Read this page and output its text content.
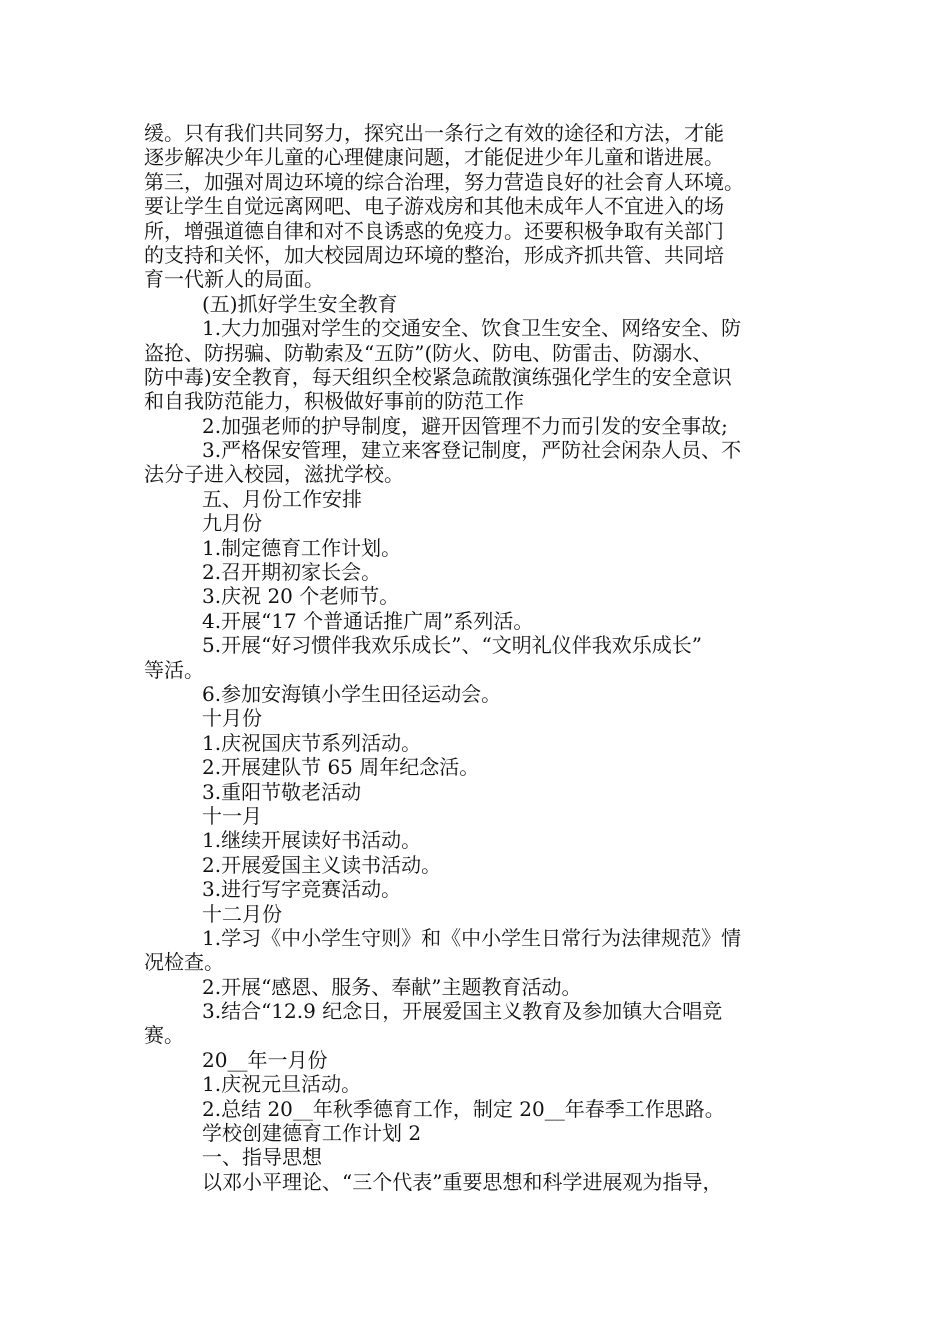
缓。只有我们共同努力，探究出一条行之有效的途径和方法，才能
逐步解决少年儿童的心理健康问题，才能促进少年儿童和谐进展。
第三，加强对周边环境的综合治理，努力营造良好的社会育人环境。
要让学生自觉远离网吧、电子游戏房和其他未成年人不宜进入的场
所，增强道德自律和对不良诱惑的免疫力。还要积极争取有关部门
的支持和关怀，加大校园周边环境的整治，形成齐抓共管、共同培
育一代新人的局面。
(五)抓好学生安全教育
1.大力加强对学生的交通安全、饮食卫生安全、网络安全、防
盗抢、防拐骗、防勒索及“五防”(防火、防电、防雷击、防溺水、
防中毒)安全教育，每天组织全校紧急疏散演练强化学生的安全意识
和自我防范能力，积极做好事前的防范工作
2.加强老师的护导制度，避开因管理不力而引发的安全事故;
3.严格保安管理，建立来客登记制度，严防社会闲杂人员、不
法分子进入校园，滋扰学校。
五、月份工作安排
九月份
1.制定德育工作计划。
2.召开期初家长会。
3.庆祝 20 个老师节。
4.开展“17 个普通话推广周”系列活。
5.开展“好习惯伴我欢乐成长”、“文明礼仪伴我欢乐成长”
等活。
6.参加安海镇小学生田径运动会。
十月份
1.庆祝国庆节系列活动。
2.开展建队节 65 周年纪念活。
3.重阳节敬老活动
十一月
1.继续开展读好书活动。
2.开展爱国主义读书活动。
3.进行写字竞赛活动。
十二月份
1.学习《中小学生守则》和《中小学生日常行为法律规范》情
况检查。
2.开展“感恩、服务、奉献”主题教育活动。
3.结合“12.9 纪念日，开展爱国主义教育及参加镇大合唱竞
赛。
20__年一月份
1.庆祝元旦活动。
2.总结 20__年秋季德育工作，制定 20__年春季工作思路。
学校创建德育工作计划 2
一、指导思想
以邓小平理论、“三个代表”重要思想和科学进展观为指导，
